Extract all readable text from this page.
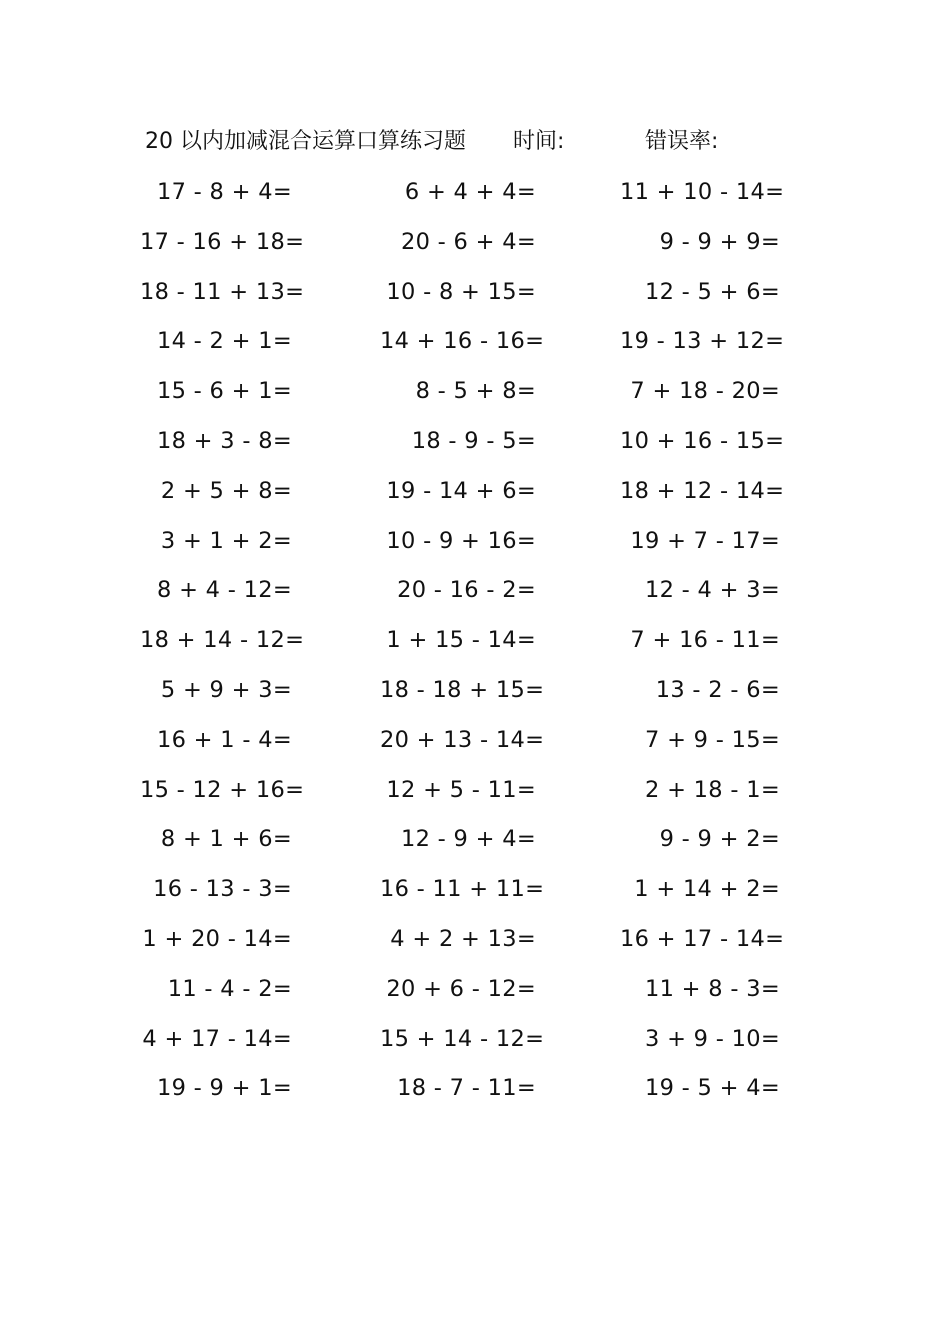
20 以内加减混合运算口算练习题 时间:	错误率:
17 - 8 + 4=	6 + 4 + 4=	11 + 10 - 14=
17 - 16 + 18=	20 - 6 + 4=	9 - 9 + 9=
18 - 11 + 13=	10 - 8 + 15=	12 - 5 + 6=
14 - 2 + 1=	14 + 16 - 16=	19 - 13 + 12=
15 - 6 + 1=	8 - 5 + 8=	7 + 18 - 20=
18 + 3 - 8=	18 - 9 - 5=	10 + 16 - 15=
2 + 5 + 8=	19 - 14 + 6=	18 + 12 - 14=
3 + 1 + 2=	10 - 9 + 16=	19 + 7 - 17=
8 + 4 - 12=	20 - 16 - 2=	12 - 4 + 3=
18 + 14 - 12=	1 + 15 - 14=	7 + 16 - 11=
5 + 9 + 3=	18 - 18 + 15=	13 - 2 - 6=
16 + 1 - 4=	20 + 13 - 14=	7 + 9 - 15=
15 - 12 + 16=	12 + 5 - 11=	2 + 18 - 1=
8 + 1 + 6=	12 - 9 + 4=	9 - 9 + 2=
16 - 13 - 3=	16 - 11 + 11=	1 + 14 + 2=
1 + 20 - 14=	4 + 2 + 13=	16 + 17 - 14=
11 - 4 - 2=	20 + 6 - 12=	11 + 8 - 3=
4 + 17 - 14=	15 + 14 - 12=	3 + 9 - 10=
19 - 9 + 1=	18 - 7 - 11=	19 - 5 + 4=
